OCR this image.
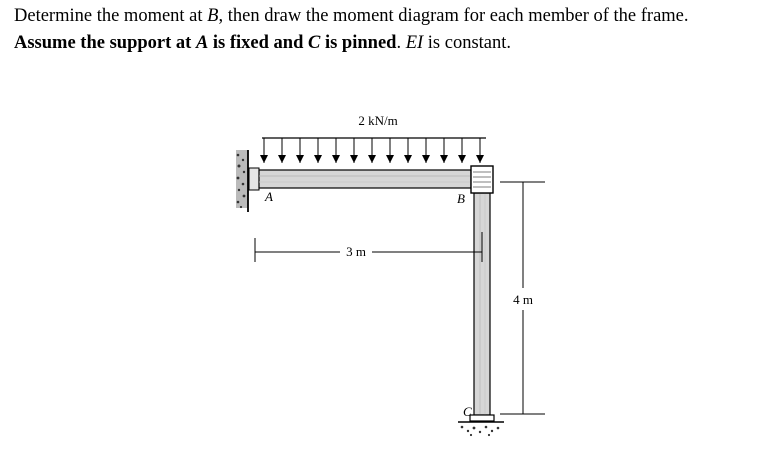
Determine the moment at B, then draw the moment diagram for each member of the frame.
Assume the support at A is fixed and C is pinned. EI is constant.
2 kN/m
A	B
C
3 m
4 m
